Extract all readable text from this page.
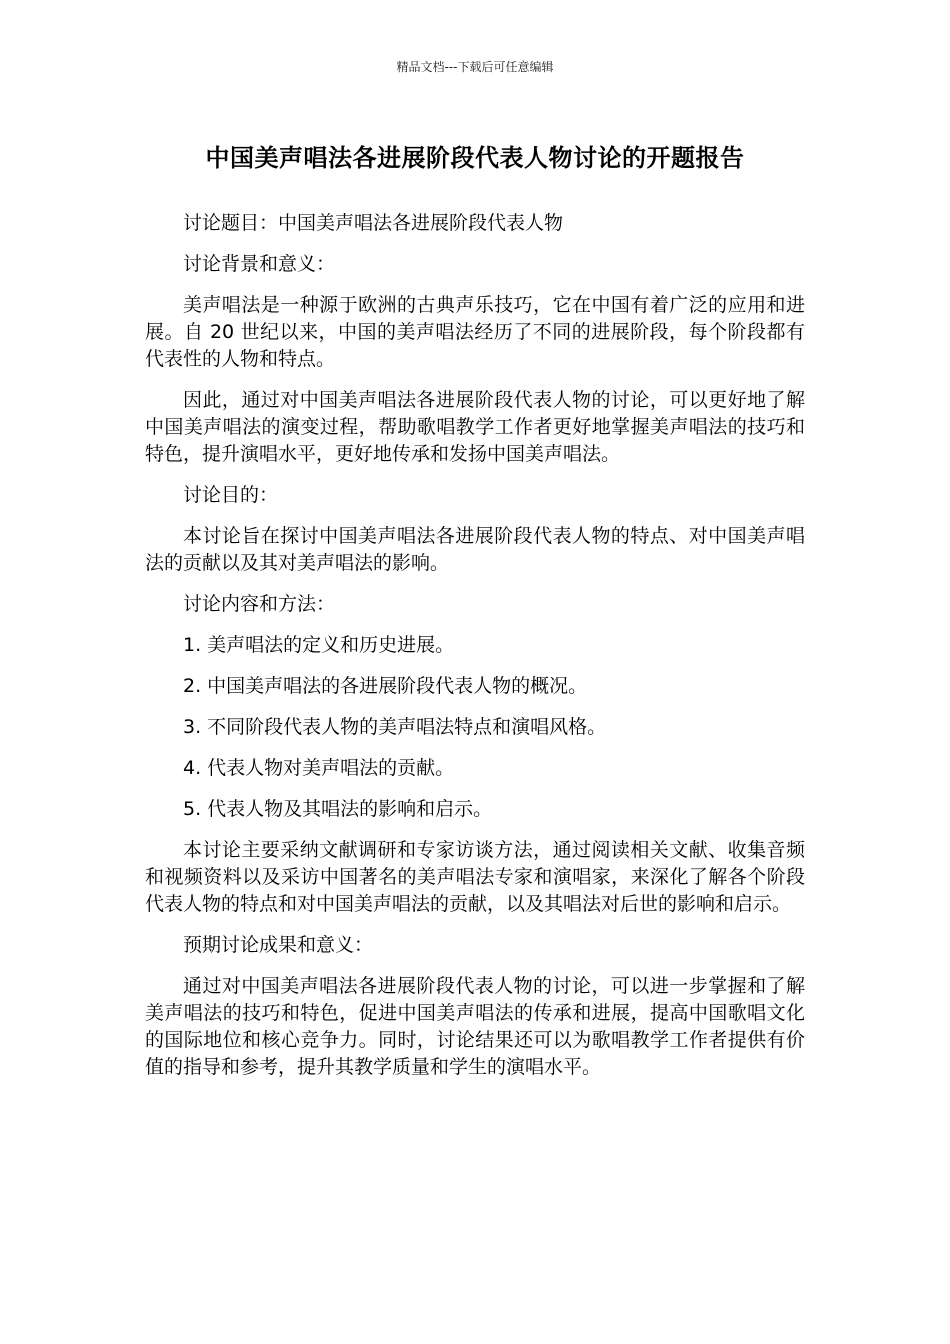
精品文档---下载后可任意编辑
中国美声唱法各进展阶段代表人物讨论的开题报告

讨论题目：中国美声唱法各进展阶段代表人物

讨论背景和意义：

美声唱法是一种源于欧洲的古典声乐技巧，它在中国有着广泛的应用和进展。自 20 世纪以来，中国的美声唱法经历了不同的进展阶段，每个阶段都有代表性的人物和特点。

因此，通过对中国美声唱法各进展阶段代表人物的讨论，可以更好地了解中国美声唱法的演变过程，帮助歌唱教学工作者更好地掌握美声唱法的技巧和特色，提升演唱水平，更好地传承和发扬中国美声唱法。

讨论目的：

本讨论旨在探讨中国美声唱法各进展阶段代表人物的特点、对中国美声唱法的贡献以及其对美声唱法的影响。

讨论内容和方法：

1. 美声唱法的定义和历史进展。

2. 中国美声唱法的各进展阶段代表人物的概况。

3. 不同阶段代表人物的美声唱法特点和演唱风格。

4. 代表人物对美声唱法的贡献。

5. 代表人物及其唱法的影响和启示。

本讨论主要采纳文献调研和专家访谈方法，通过阅读相关文献、收集音频和视频资料以及采访中国著名的美声唱法专家和演唱家，来深化了解各个阶段代表人物的特点和对中国美声唱法的贡献，以及其唱法对后世的影响和启示。

预期讨论成果和意义：

通过对中国美声唱法各进展阶段代表人物的讨论，可以进一步掌握和了解美声唱法的技巧和特色，促进中国美声唱法的传承和进展，提高中国歌唱文化的国际地位和核心竞争力。同时，讨论结果还可以为歌唱教学工作者提供有价值的指导和参考，提升其教学质量和学生的演唱水平。
